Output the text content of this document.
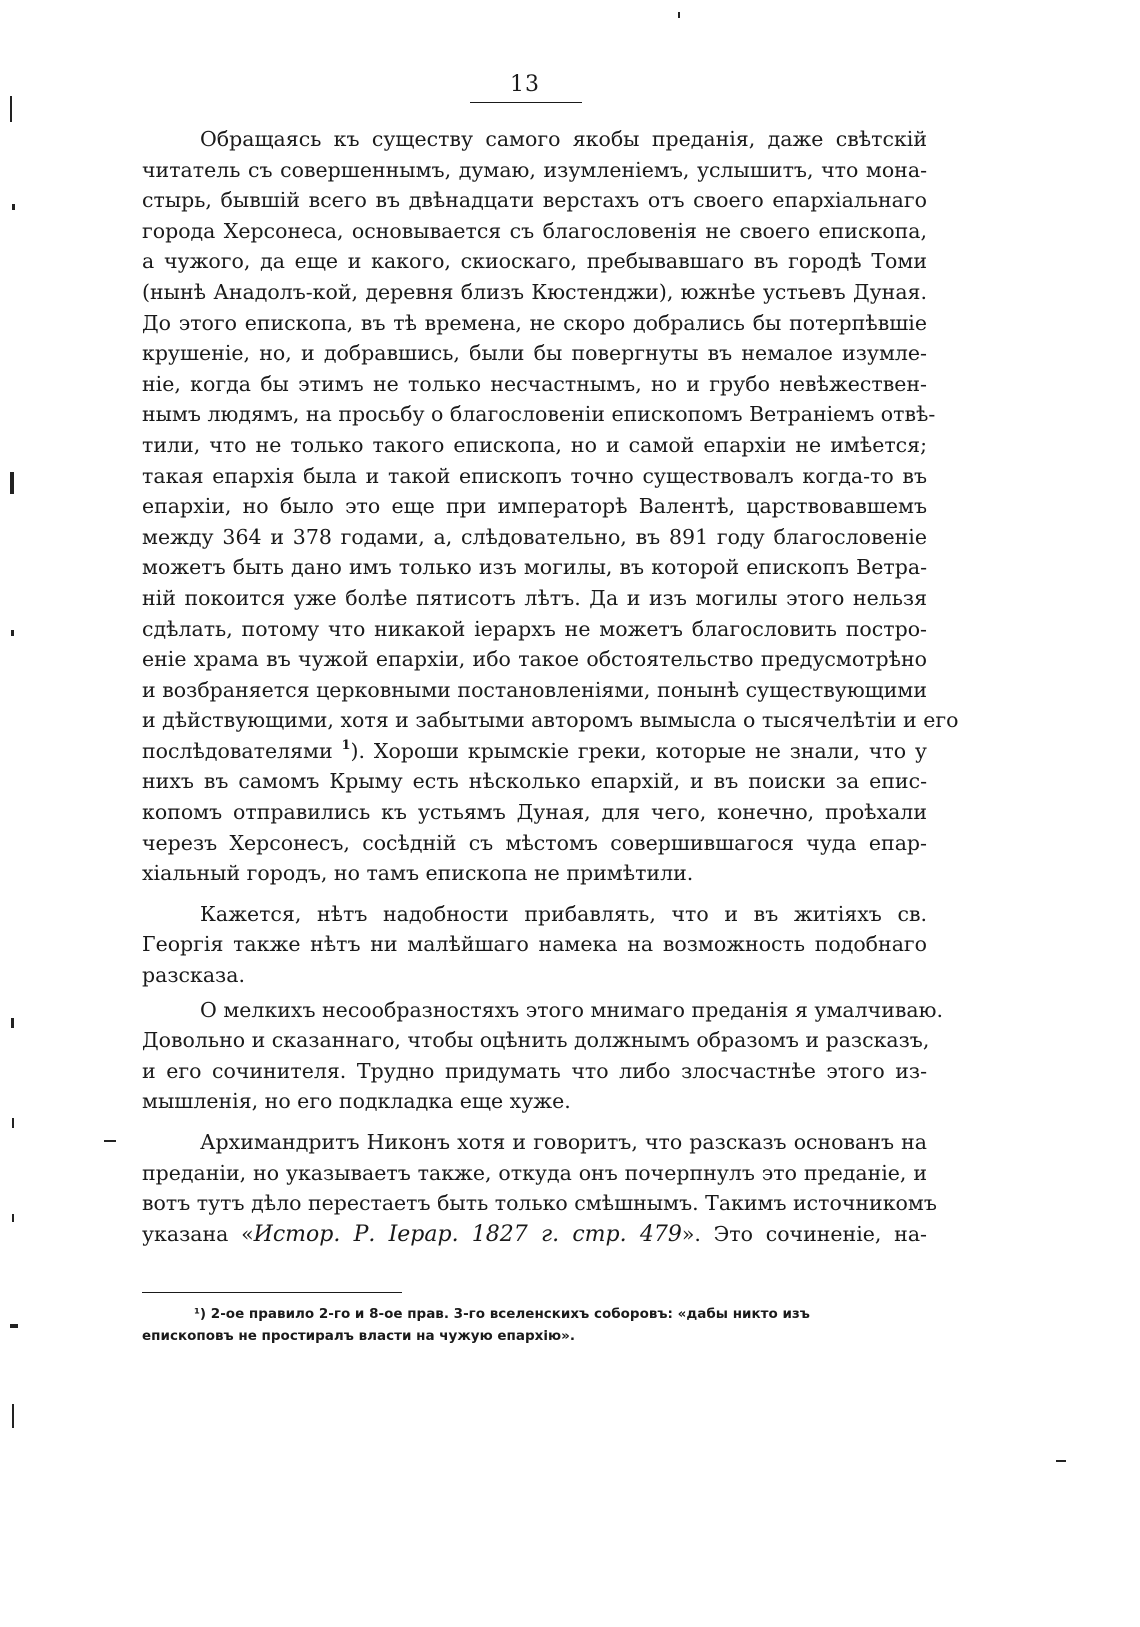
13
Обращаясь къ существу самого якобы преданія, даже свѣтскій
читатель съ совершеннымъ, думаю, изумленіемъ, услышитъ, что мона-
стырь, бывшій всего въ двѣнадцати верстахъ отъ своего епархіальнаго
города Херсонеса, основывается съ благословенія не своего епископа,
а чужого, да еще и какого, скиоскаго, пребывавшаго въ городѣ Томи
(нынѣ Анадолъ-кой, деревня близъ Кюстенджи), южнѣе устьевъ Дуная.
До этого епископа, въ тѣ времена, не скоро добрались бы потерпѣвшіе
крушеніе, но, и добравшись, были бы повергнуты въ немалое изумле-
ніе, когда бы этимъ не только несчастнымъ, но и грубо невѣжествен-
нымъ людямъ, на просьбу о благословеніи епископомъ Ветраніемъ отвѣ-
тили, что не только такого епископа, но и самой епархіи не имѣется;
такая епархія была и такой епископъ точно существовалъ когда-то въ
епархіи, но было это еще при императорѣ Валентѣ, царствовавшемъ
между 364 и 378 годами, а, слѣдовательно, въ 891 году благословеніе
можетъ быть дано имъ только изъ могилы, въ которой епископъ Ветра-
ній покоится уже болѣе пятисотъ лѣтъ. Да и изъ могилы этого нельзя
сдѣлать, потому что никакой іерархъ не можетъ благословить постро-
еніе храма въ чужой епархіи, ибо такое обстоятельство предусмотрѣно
и возбраняется церковными постановленіями, понынѣ существующими
и дѣйствующими, хотя и забытыми авторомъ вымысла о тысячелѣтіи и его
послѣдователями $^1$). Хороши крымскіе греки, которые не знали, что у
нихъ въ самомъ Крыму есть нѣсколько епархій, и въ поиски за епис-
копомъ отправились къ устьямъ Дуная, для чего, конечно, проѣхали
черезъ Херсонесъ, сосѣдній съ мѣстомъ совершившагося чуда епар-
хіальный городъ, но тамъ епископа не примѣтили.
Кажется, нѣтъ надобности прибавлять, что и въ житіяхъ св.
Георгія также нѣтъ ни малѣйшаго намека на возможность подобнаго
разсказа.
О мелкихъ несообразностяхъ этого мнимаго преданія я умалчиваю.
Довольно и сказаннаго, чтобы оцѣнить должнымъ образомъ и разсказъ,
и его сочинителя. Трудно придумать что либо злосчастнѣе этого из-
мышленія, но его подкладка еще хуже.
Архимандритъ Никонъ хотя и говоритъ, что разсказъ основанъ на
преданіи, но указываетъ также, откуда онъ почерпнулъ это преданіе, и
вотъ тутъ дѣло перестаетъ быть только смѣшнымъ. Такимъ источникомъ
указана «Истор. Р. Іерар. 1827 г. стр. 479». Это сочиненіе, на-
¹) 2-ое правило 2-го и 8-ое прав. 3-го вселенскихъ соборовъ: «дабы никто изъ
епископовъ не простиралъ власти на чужую епархію».
